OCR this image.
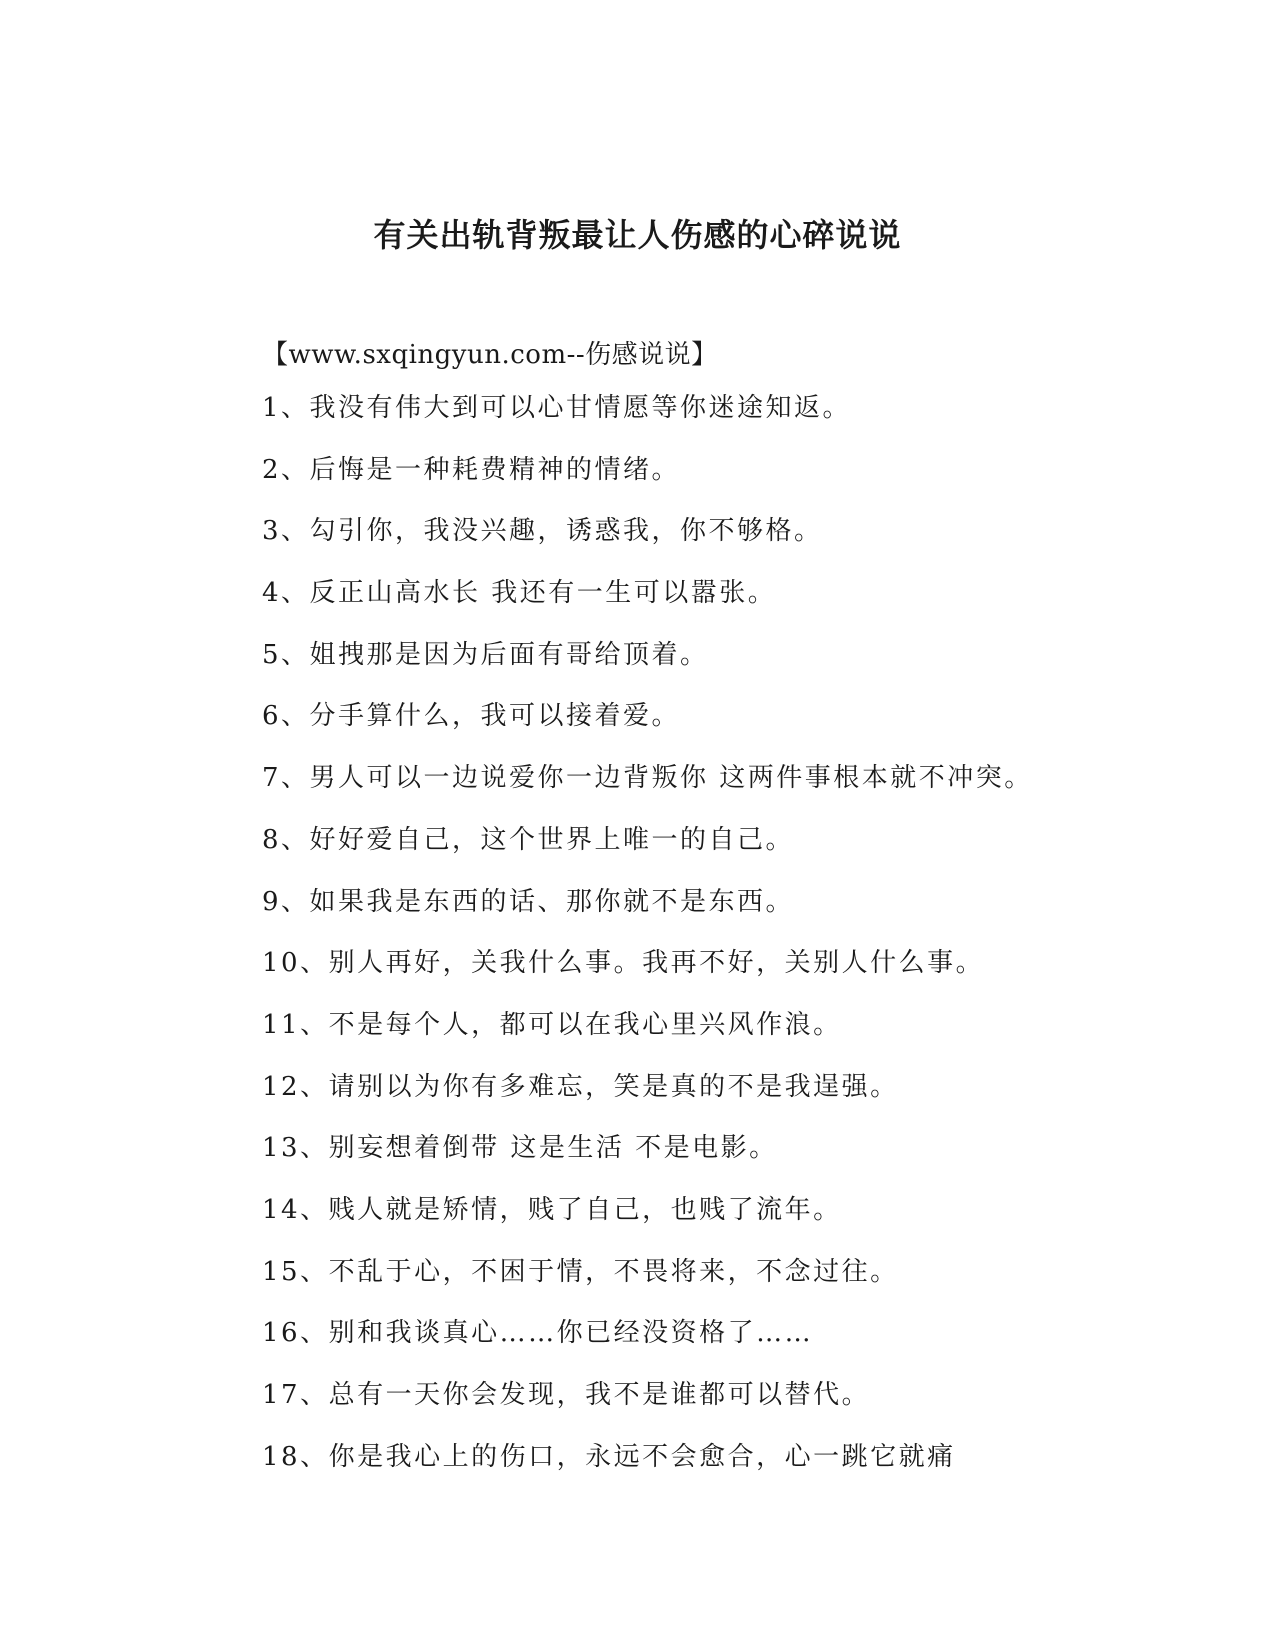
有关出轨背叛最让人伤感的心碎说说
【www.sxqingyun.com--伤感说说】
1、我没有伟大到可以心甘情愿等你迷途知返。
2、后悔是一种耗费精神的情绪。
3、勾引你，我没兴趣，诱惑我，你不够格。
4、反正山高水长 我还有一生可以嚣张。
5、姐拽那是因为后面有哥给顶着。
6、分手算什么，我可以接着爱。
7、男人可以一边说爱你一边背叛你 这两件事根本就不冲突。
8、好好爱自己，这个世界上唯一的自己。
9、如果我是东西的话、那你就不是东西。
10、别人再好，关我什么事。我再不好，关别人什么事。
11、不是每个人，都可以在我心里兴风作浪。
12、请别以为你有多难忘，笑是真的不是我逞强。
13、别妄想着倒带 这是生活 不是电影。
14、贱人就是矫情，贱了自己，也贱了流年。
15、不乱于心，不困于情，不畏将来，不念过往。
16、别和我谈真心……你已经没资格了……
17、总有一天你会发现，我不是谁都可以替代。
18、你是我心上的伤口，永远不会愈合，心一跳它就痛
